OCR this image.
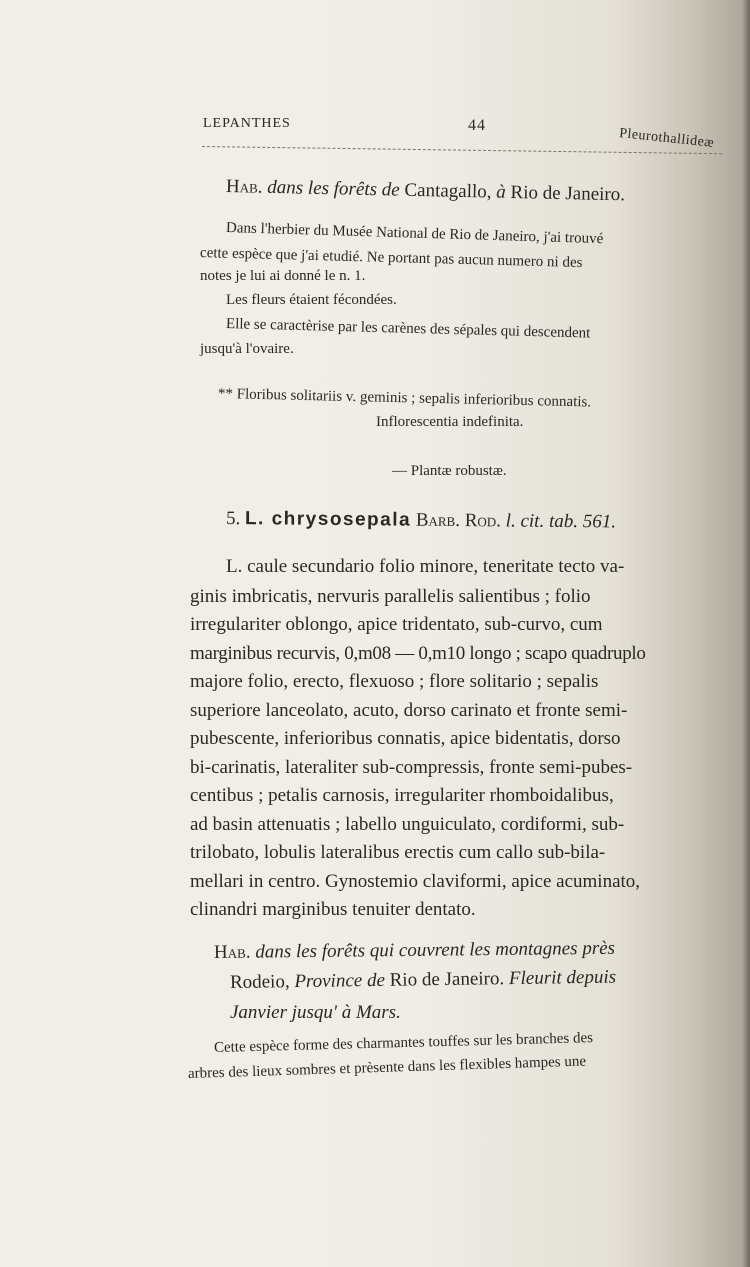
LEPANTHES	44
Pleurothallideæ
Hab. dans les forêts de Cantagallo, à Rio de Janeiro.
Dans l'herbier du Musée National de Rio de Janeiro, j'ai trouvé
cette espèce que j'ai etudié. Ne portant pas aucun numero ni des
notes je lui ai donné le n. 1.
Les fleurs étaient fécondées.
Elle se caractèrise par les carènes des sépales qui descendent
jusqu'à l'ovaire.
** Floribus solitariis v. geminis ; sepalis inferioribus connatis.
Inflorescentia indefinita.
— Plantæ robustæ.
5. L. chrysosepala Barb. Rod. l. cit. tab. 561.
L. caule secundario folio minore, teneritate tecto va-
ginis imbricatis, nervuris parallelis salientibus ; folio
irregulariter oblongo, apice tridentato, sub-curvo, cum
marginibus recurvis, 0,m08 — 0,m10 longo ; scapo quadruplo
majore folio, erecto, flexuoso ; flore solitario ; sepalis
superiore lanceolato, acuto, dorso carinato et fronte semi-
pubescente, inferioribus connatis, apice bidentatis, dorso
bi-carinatis, lateraliter sub-compressis, fronte semi-pubes-
centibus ; petalis carnosis, irregulariter rhomboidalibus,
ad basin attenuatis ; labello unguiculato, cordiformi, sub-
trilobato, lobulis lateralibus erectis cum callo sub-bila-
mellari in centro. Gynostemio claviformi, apice acuminato,
clinandri marginibus tenuiter dentato.
Hab. dans les forêts qui couvrent les montagnes près
Rodeio, Province de Rio de Janeiro. Fleurit depuis
Janvier jusqu' à Mars.
Cette espèce forme des charmantes touffes sur les branches des
arbres des lieux sombres et prèsente dans les flexibles hampes une
